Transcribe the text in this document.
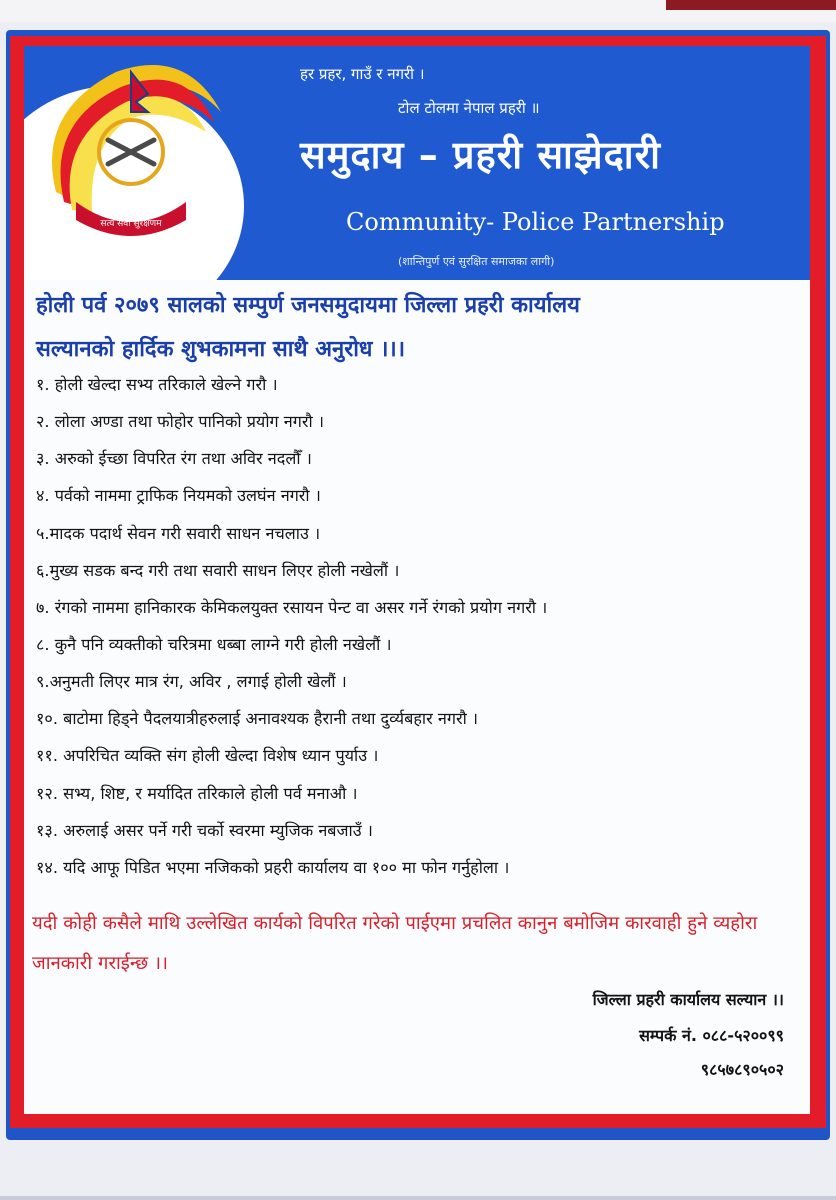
नेपाल प्रहरी
सत्य सेवा सुरक्षणम
हर प्रहर, गाउँ र नगरी ।
टोल टोलमा नेपाल प्रहरी ॥
समुदाय – प्रहरी साझेदारी
Community- Police Partnership
(शान्तिपुर्ण एवं सुरक्षित समाजका लागी)
होली पर्व २०७९ सालको सम्पुर्ण जनसमुदायमा जिल्ला प्रहरी कार्यालय
सल्यानको हार्दिक शुभकामना साथै अनुरोध ।।।
१. होली खेल्दा सभ्य तरिकाले खेल्ने गरौ ।
२. लोला अण्डा तथा फोहोर पानिको प्रयोग नगरौ ।
३. अरुको ईच्छा विपरित रंग तथा अविर नदलौँ ।
४. पर्वको नाममा ट्राफिक नियमको उलघंन नगरौ ।
५.मादक पदार्थ सेवन गरी सवारी साधन नचलाउ ।
६.मुख्य सडक बन्द गरी तथा सवारी साधन लिएर होली नखेलौं ।
७. रंगको नाममा हानिकारक केमिकलयुक्त रसायन पेन्ट वा असर गर्ने रंगको प्रयोग नगरौ ।
८. कुनै पनि व्यक्तीको चरित्रमा धब्बा लाग्ने गरी होली नखेलौं ।
९.अनुमती लिएर मात्र रंग, अविर , लगाई होली खेलौं ।
१०. बाटोमा हिड्ने पैदलयात्रीहरुलाई अनावश्यक हैरानी तथा दुर्व्यबहार नगरौ ।
११. अपरिचित व्यक्ति संग होली खेल्दा विशेष ध्यान पुर्याउ ।
१२. सभ्य, शिष्ट, र मर्यादित तरिकाले होली पर्व मनाऔ ।
१३. अरुलाई असर पर्ने गरी चर्को स्वरमा म्युजिक नबजाउँ ।
१४. यदि आफू पिडित भएमा नजिकको प्रहरी कार्यालय वा १०० मा फोन गर्नुहोला ।
यदी कोही कसैले माथि उल्लेखित कार्यको विपरित गरेको पाईएमा प्रचलित कानुन बमोजिम कारवाही हुने व्यहोरा जानकारी गराईन्छ ।।
जिल्ला प्रहरी कार्यालय सल्यान ।।
सम्पर्क नं. ०८८-५२००९९
९८५७८९०५०२
